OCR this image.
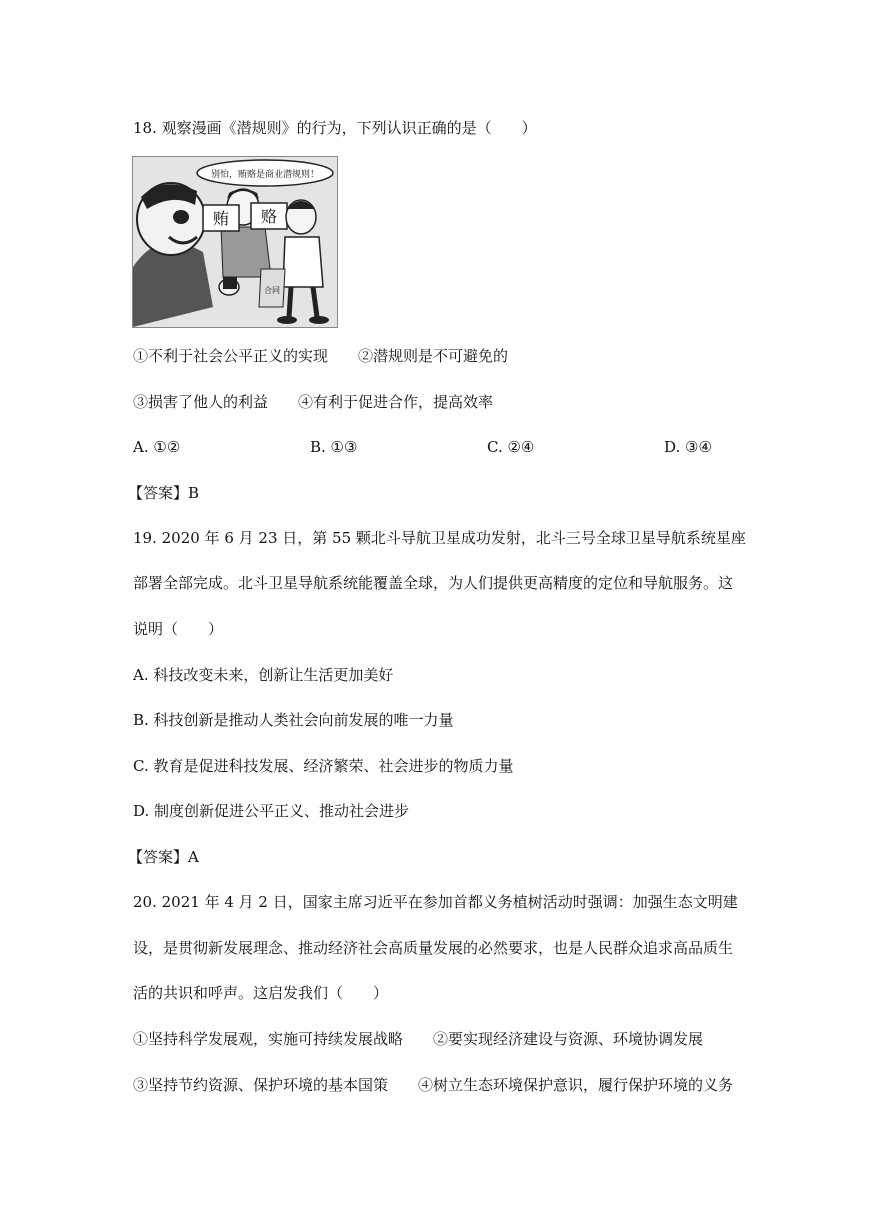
18. 观察漫画《潜规则》的行为，下列认识正确的是（　　）
别怕，贿赂是商业潜规则！
贿 赂
合同
①不利于社会公平正义的实现　　②潜规则是不可避免的
③损害了他人的利益　　④有利于促进合作，提高效率
A. ①②	B. ①③	C. ②④	D. ③④
【答案】B
19. 2020 年 6 月 23 日，第 55 颗北斗导航卫星成功发射，北斗三号全球卫星导航系统星座
部署全部完成。北斗卫星导航系统能覆盖全球，为人们提供更高精度的定位和导航服务。这
说明（　　）
A. 科技改变未来，创新让生活更加美好
B. 科技创新是推动人类社会向前发展的唯一力量
C. 教育是促进科技发展、经济繁荣、社会进步的物质力量
D. 制度创新促进公平正义、推动社会进步
【答案】A
20. 2021 年 4 月 2 日，国家主席习近平在参加首都义务植树活动时强调：加强生态文明建
设，是贯彻新发展理念、推动经济社会高质量发展的必然要求，也是人民群众追求高品质生
活的共识和呼声。这启发我们（　　）
①坚持科学发展观，实施可持续发展战略　　②要实现经济建设与资源、环境协调发展
③坚持节约资源、保护环境的基本国策　　④树立生态环境保护意识，履行保护环境的义务
